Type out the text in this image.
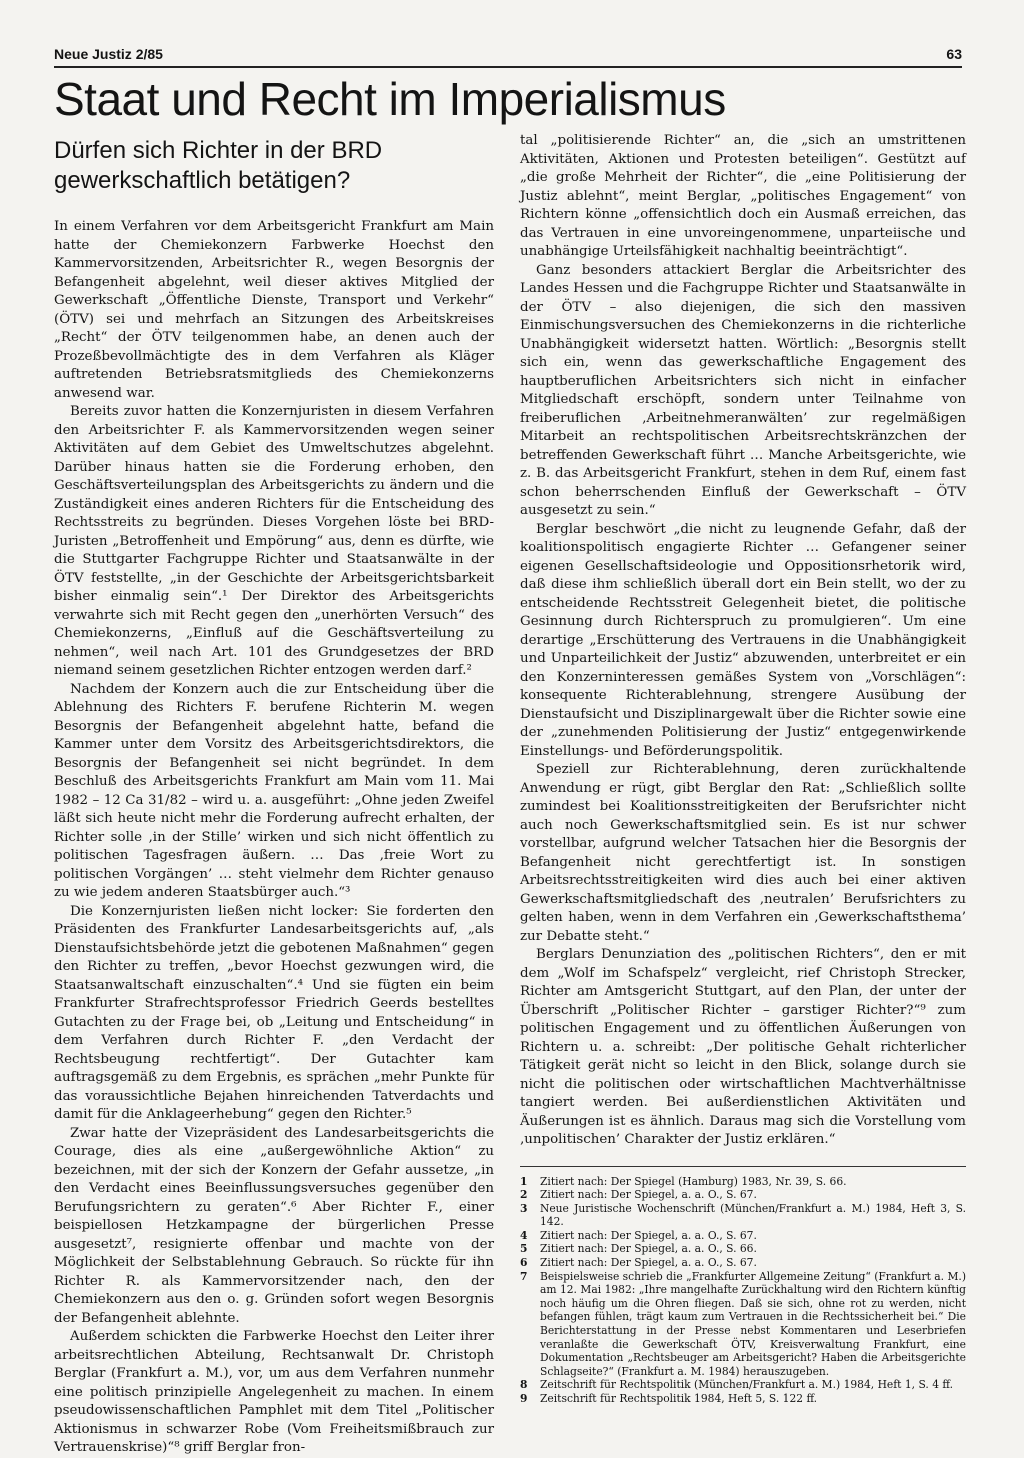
Neue Justiz 2/85	63
Staat und Recht im Imperialismus
Dürfen sich Richter in der BRD gewerkschaftlich betätigen?

In einem Verfahren vor dem Arbeitsgericht Frankfurt am Main hatte der Chemiekonzern Farbwerke Hoechst den Kammervorsitzenden, Arbeitsrichter R., wegen Besorgnis der Befangenheit abgelehnt, weil dieser aktives Mitglied der Gewerkschaft „Öffentliche Dienste, Transport und Verkehr“ (ÖTV) sei und mehrfach an Sitzungen des Arbeitskreises „Recht“ der ÖTV teilgenommen habe, an denen auch der Prozeßbevollmächtigte des in dem Verfahren als Kläger auftretenden Betriebsratsmitglieds des Chemiekonzerns anwesend war.

Bereits zuvor hatten die Konzernjuristen in diesem Verfahren den Arbeitsrichter F. als Kammervorsitzenden wegen seiner Aktivitäten auf dem Gebiet des Umweltschutzes abgelehnt. Darüber hinaus hatten sie die Forderung erhoben, den Geschäftsverteilungsplan des Arbeitsgerichts zu ändern und die Zuständigkeit eines anderen Richters für die Entscheidung des Rechtsstreits zu begründen. Dieses Vorgehen löste bei BRD-Juristen „Betroffenheit und Empörung“ aus, denn es dürfte, wie die Stuttgarter Fachgruppe Richter und Staatsanwälte in der ÖTV feststellte, „in der Geschichte der Arbeitsgerichtsbarkeit bisher einmalig sein“.¹ Der Direktor des Arbeitsgerichts verwahrte sich mit Recht gegen den „unerhörten Versuch“ des Chemiekonzerns, „Einfluß auf die Geschäftsverteilung zu nehmen“, weil nach Art. 101 des Grundgesetzes der BRD niemand seinem gesetzlichen Richter entzogen werden darf.²

Nachdem der Konzern auch die zur Entscheidung über die Ablehnung des Richters F. berufene Richterin M. wegen Besorgnis der Befangenheit abgelehnt hatte, befand die Kammer unter dem Vorsitz des Arbeitsgerichtsdirektors, die Besorgnis der Befangenheit sei nicht begründet. In dem Beschluß des Arbeitsgerichts Frankfurt am Main vom 11. Mai 1982 – 12 Ca 31/82 – wird u. a. ausgeführt: „Ohne jeden Zweifel läßt sich heute nicht mehr die Forderung aufrecht erhalten, der Richter solle ‚in der Stille’ wirken und sich nicht öffentlich zu politischen Tagesfragen äußern. … Das ‚freie Wort zu politischen Vorgängen’ … steht vielmehr dem Richter genauso zu wie jedem anderen Staatsbürger auch.“³

Die Konzernjuristen ließen nicht locker: Sie forderten den Präsidenten des Frankfurter Landesarbeitsgerichts auf, „als Dienstaufsichtsbehörde jetzt die gebotenen Maßnahmen“ gegen den Richter zu treffen, „bevor Hoechst gezwungen wird, die Staatsanwaltschaft einzuschalten“.⁴ Und sie fügten ein beim Frankfurter Strafrechtsprofessor Friedrich Geerds bestelltes Gutachten zu der Frage bei, ob „Leitung und Entscheidung“ in dem Verfahren durch Richter F. „den Verdacht der Rechtsbeugung rechtfertigt“. Der Gutachter kam auftragsgemäß zu dem Ergebnis, es sprächen „mehr Punkte für das voraussichtliche Bejahen hinreichenden Tatverdachts und damit für die Anklageerhebung“ gegen den Richter.⁵

Zwar hatte der Vizepräsident des Landesarbeitsgerichts die Courage, dies als eine „außergewöhnliche Aktion“ zu bezeichnen, mit der sich der Konzern der Gefahr aussetze, „in den Verdacht eines Beeinflussungsversuches gegenüber den Berufungsrichtern zu geraten“.⁶ Aber Richter F., einer beispiellosen Hetzkampagne der bürgerlichen Presse ausgesetzt⁷, resignierte offenbar und machte von der Möglichkeit der Selbstablehnung Gebrauch. So rückte für ihn Richter R. als Kammervorsitzender nach, den der Chemiekonzern aus den o. g. Gründen sofort wegen Besorgnis der Befangenheit ablehnte.

Außerdem schickten die Farbwerke Hoechst den Leiter ihrer arbeitsrechtlichen Abteilung, Rechtsanwalt Dr. Christoph Berglar (Frankfurt a. M.), vor, um aus dem Verfahren nunmehr eine politisch prinzipielle Angelegenheit zu machen. In einem pseudowissenschaftlichen Pamphlet mit dem Titel „Politischer Aktionismus in schwarzer Robe (Vom Freiheitsmißbrauch zur Vertrauenskrise)“⁸ griff Berglar fron-

tal „politisierende Richter“ an, die „sich an umstrittenen Aktivitäten, Aktionen und Protesten beteiligen“. Gestützt auf „die große Mehrheit der Richter“, die „eine Politisierung der Justiz ablehnt“, meint Berglar, „politisches Engagement“ von Richtern könne „offensichtlich doch ein Ausmaß erreichen, das das Vertrauen in eine unvoreingenommene, unparteiische und unabhängige Urteilsfähigkeit nachhaltig beeinträchtigt“.

Ganz besonders attackiert Berglar die Arbeitsrichter des Landes Hessen und die Fachgruppe Richter und Staatsanwälte in der ÖTV – also diejenigen, die sich den massiven Einmischungsversuchen des Chemiekonzerns in die richterliche Unabhängigkeit widersetzt hatten. Wörtlich: „Besorgnis stellt sich ein, wenn das gewerkschaftliche Engagement des hauptberuflichen Arbeitsrichters sich nicht in einfacher Mitgliedschaft erschöpft, sondern unter Teilnahme von freiberuflichen ‚Arbeitnehmeranwälten’ zur regelmäßigen Mitarbeit an rechtspolitischen Arbeitsrechtskränzchen der betreffenden Gewerkschaft führt … Manche Arbeitsgerichte, wie z. B. das Arbeitsgericht Frankfurt, stehen in dem Ruf, einem fast schon beherrschenden Einfluß der Gewerkschaft – ÖTV ausgesetzt zu sein.“

Berglar beschwört „die nicht zu leugnende Gefahr, daß der koalitionspolitisch engagierte Richter … Gefangener seiner eigenen Gesellschaftsideologie und Oppositionsrhetorik wird, daß diese ihm schließlich überall dort ein Bein stellt, wo der zu entscheidende Rechtsstreit Gelegenheit bietet, die politische Gesinnung durch Richterspruch zu promulgieren“. Um eine derartige „Erschütterung des Vertrauens in die Unabhängigkeit und Unparteilichkeit der Justiz“ abzuwenden, unterbreitet er ein den Konzerninteressen gemäßes System von „Vorschlägen“: konsequente Richterablehnung, strengere Ausübung der Dienstaufsicht und Disziplinargewalt über die Richter sowie eine der „zunehmenden Politisierung der Justiz“ entgegenwirkende Einstellungs- und Beförderungspolitik.

Speziell zur Richterablehnung, deren zurückhaltende Anwendung er rügt, gibt Berglar den Rat: „Schließlich sollte zumindest bei Koalitionsstreitigkeiten der Berufsrichter nicht auch noch Gewerkschaftsmitglied sein. Es ist nur schwer vorstellbar, aufgrund welcher Tatsachen hier die Besorgnis der Befangenheit nicht gerechtfertigt ist. In sonstigen Arbeitsrechtsstreitigkeiten wird dies auch bei einer aktiven Gewerkschaftsmitgliedschaft des ‚neutralen’ Berufsrichters zu gelten haben, wenn in dem Verfahren ein ‚Gewerkschaftsthema’ zur Debatte steht.“

Berglars Denunziation des „politischen Richters“, den er mit dem „Wolf im Schafspelz“ vergleicht, rief Christoph Strecker, Richter am Amtsgericht Stuttgart, auf den Plan, der unter der Überschrift „Politischer Richter – garstiger Richter?“⁹ zum politischen Engagement und zu öffentlichen Äußerungen von Richtern u. a. schreibt: „Der politische Gehalt richterlicher Tätigkeit gerät nicht so leicht in den Blick, solange durch sie nicht die politischen oder wirtschaftlichen Machtverhältnisse tangiert werden. Bei außerdienstlichen Aktivitäten und Äußerungen ist es ähnlich. Daraus mag sich die Vorstellung vom ‚unpolitischen’ Charakter der Justiz erklären.“

1	Zitiert nach: Der Spiegel (Hamburg) 1983, Nr. 39, S. 66.
2	Zitiert nach: Der Spiegel, a. a. O., S. 67.
3	Neue Juristische Wochenschrift (München/Frankfurt a. M.) 1984, Heft 3, S. 142.
4	Zitiert nach: Der Spiegel, a. a. O., S. 67.
5	Zitiert nach: Der Spiegel, a. a. O., S. 66.
6	Zitiert nach: Der Spiegel, a. a. O., S. 67.
7	Beispielsweise schrieb die „Frankfurter Allgemeine Zeitung“ (Frankfurt a. M.) am 12. Mai 1982: „Ihre mangelhafte Zurückhaltung wird den Richtern künftig noch häufig um die Ohren fliegen. Daß sie sich, ohne rot zu werden, nicht befangen fühlen, trägt kaum zum Vertrauen in die Rechtssicherheit bei.“ Die Berichterstattung in der Presse nebst Kommentaren und Leserbriefen veranlaßte die Gewerkschaft ÖTV, Kreisverwaltung Frankfurt, eine Dokumentation „Rechtsbeuger am Arbeitsgericht? Haben die Arbeitsgerichte Schlagseite?“ (Frankfurt a. M. 1984) herauszugeben.
8	Zeitschrift für Rechtspolitik (München/Frankfurt a. M.) 1984, Heft 1, S. 4 ff.
9	Zeitschrift für Rechtspolitik 1984, Heft 5, S. 122 ff.
